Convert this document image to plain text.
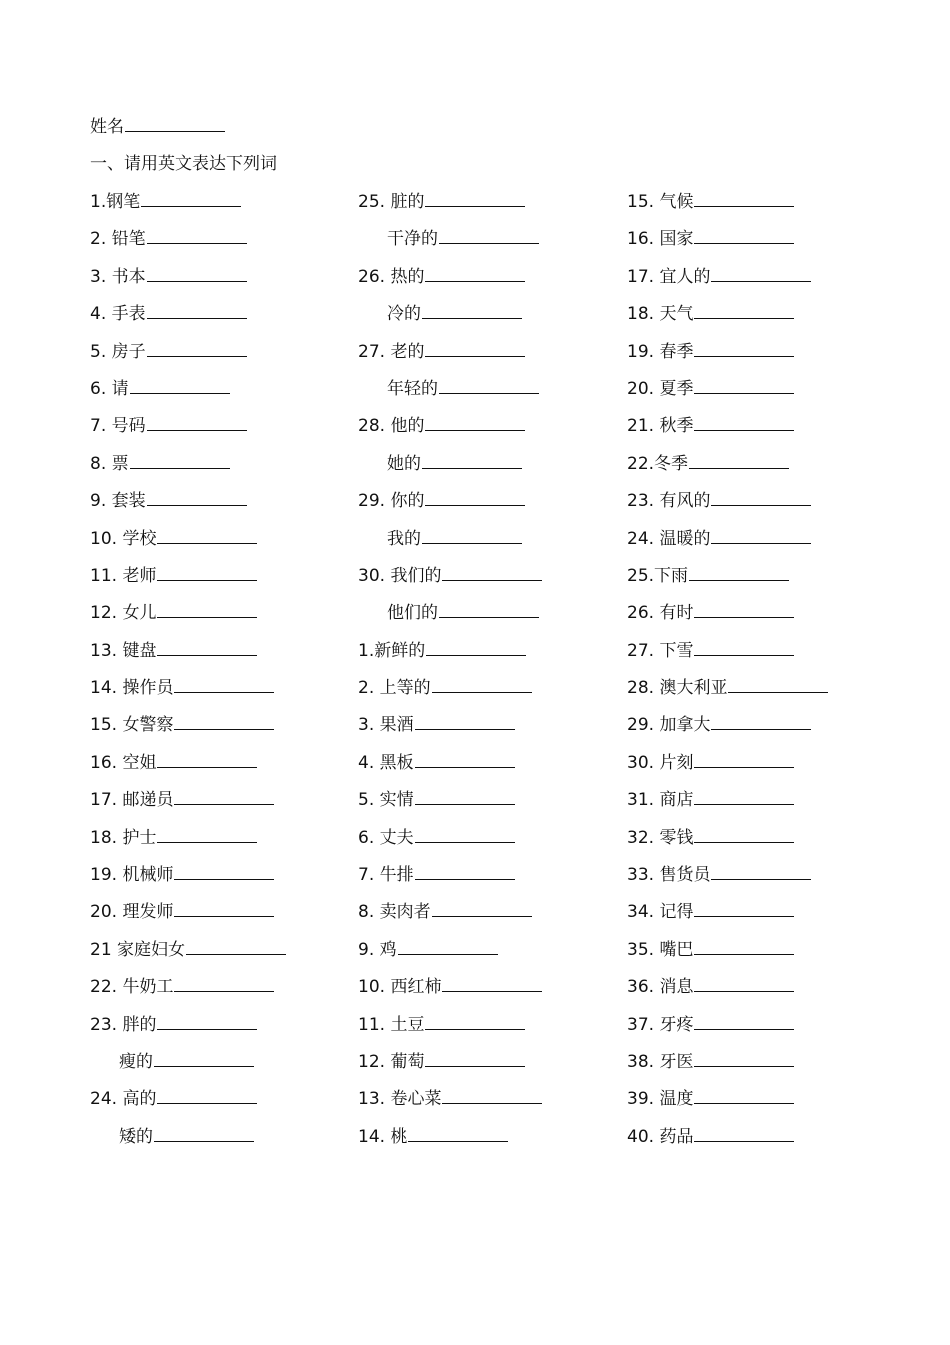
姓名
一、请用英文表达下列词
1.钢笔
2. 铅笔
3. 书本
4. 手表
5. 房子
6. 请
7. 号码
8. 票
9. 套装
10. 学校
11. 老师
12. 女儿
13. 键盘
14. 操作员
15. 女警察
16. 空姐
17. 邮递员
18. 护士
19. 机械师
20. 理发师
21 家庭妇女
22. 牛奶工
23. 胖的
瘦的
24. 高的
矮的
25. 脏的
干净的
26. 热的
冷的
27. 老的
年轻的
28. 他的
她的
29. 你的
我的
30. 我们的
他们的
1.新鲜的
2. 上等的
3. 果酒
4. 黑板
5. 实情
6. 丈夫
7. 牛排
8. 卖肉者
9. 鸡
10. 西红柿
11. 土豆
12. 葡萄
13. 卷心菜
14. 桃
15. 气候
16. 国家
17. 宜人的
18. 天气
19. 春季
20. 夏季
21. 秋季
22.冬季
23. 有风的
24. 温暖的
25.下雨
26. 有时
27. 下雪
28. 澳大利亚
29. 加拿大
30. 片刻
31. 商店
32. 零钱
33. 售货员
34. 记得
35. 嘴巴
36. 消息
37. 牙疼
38. 牙医
39. 温度
40. 药品
